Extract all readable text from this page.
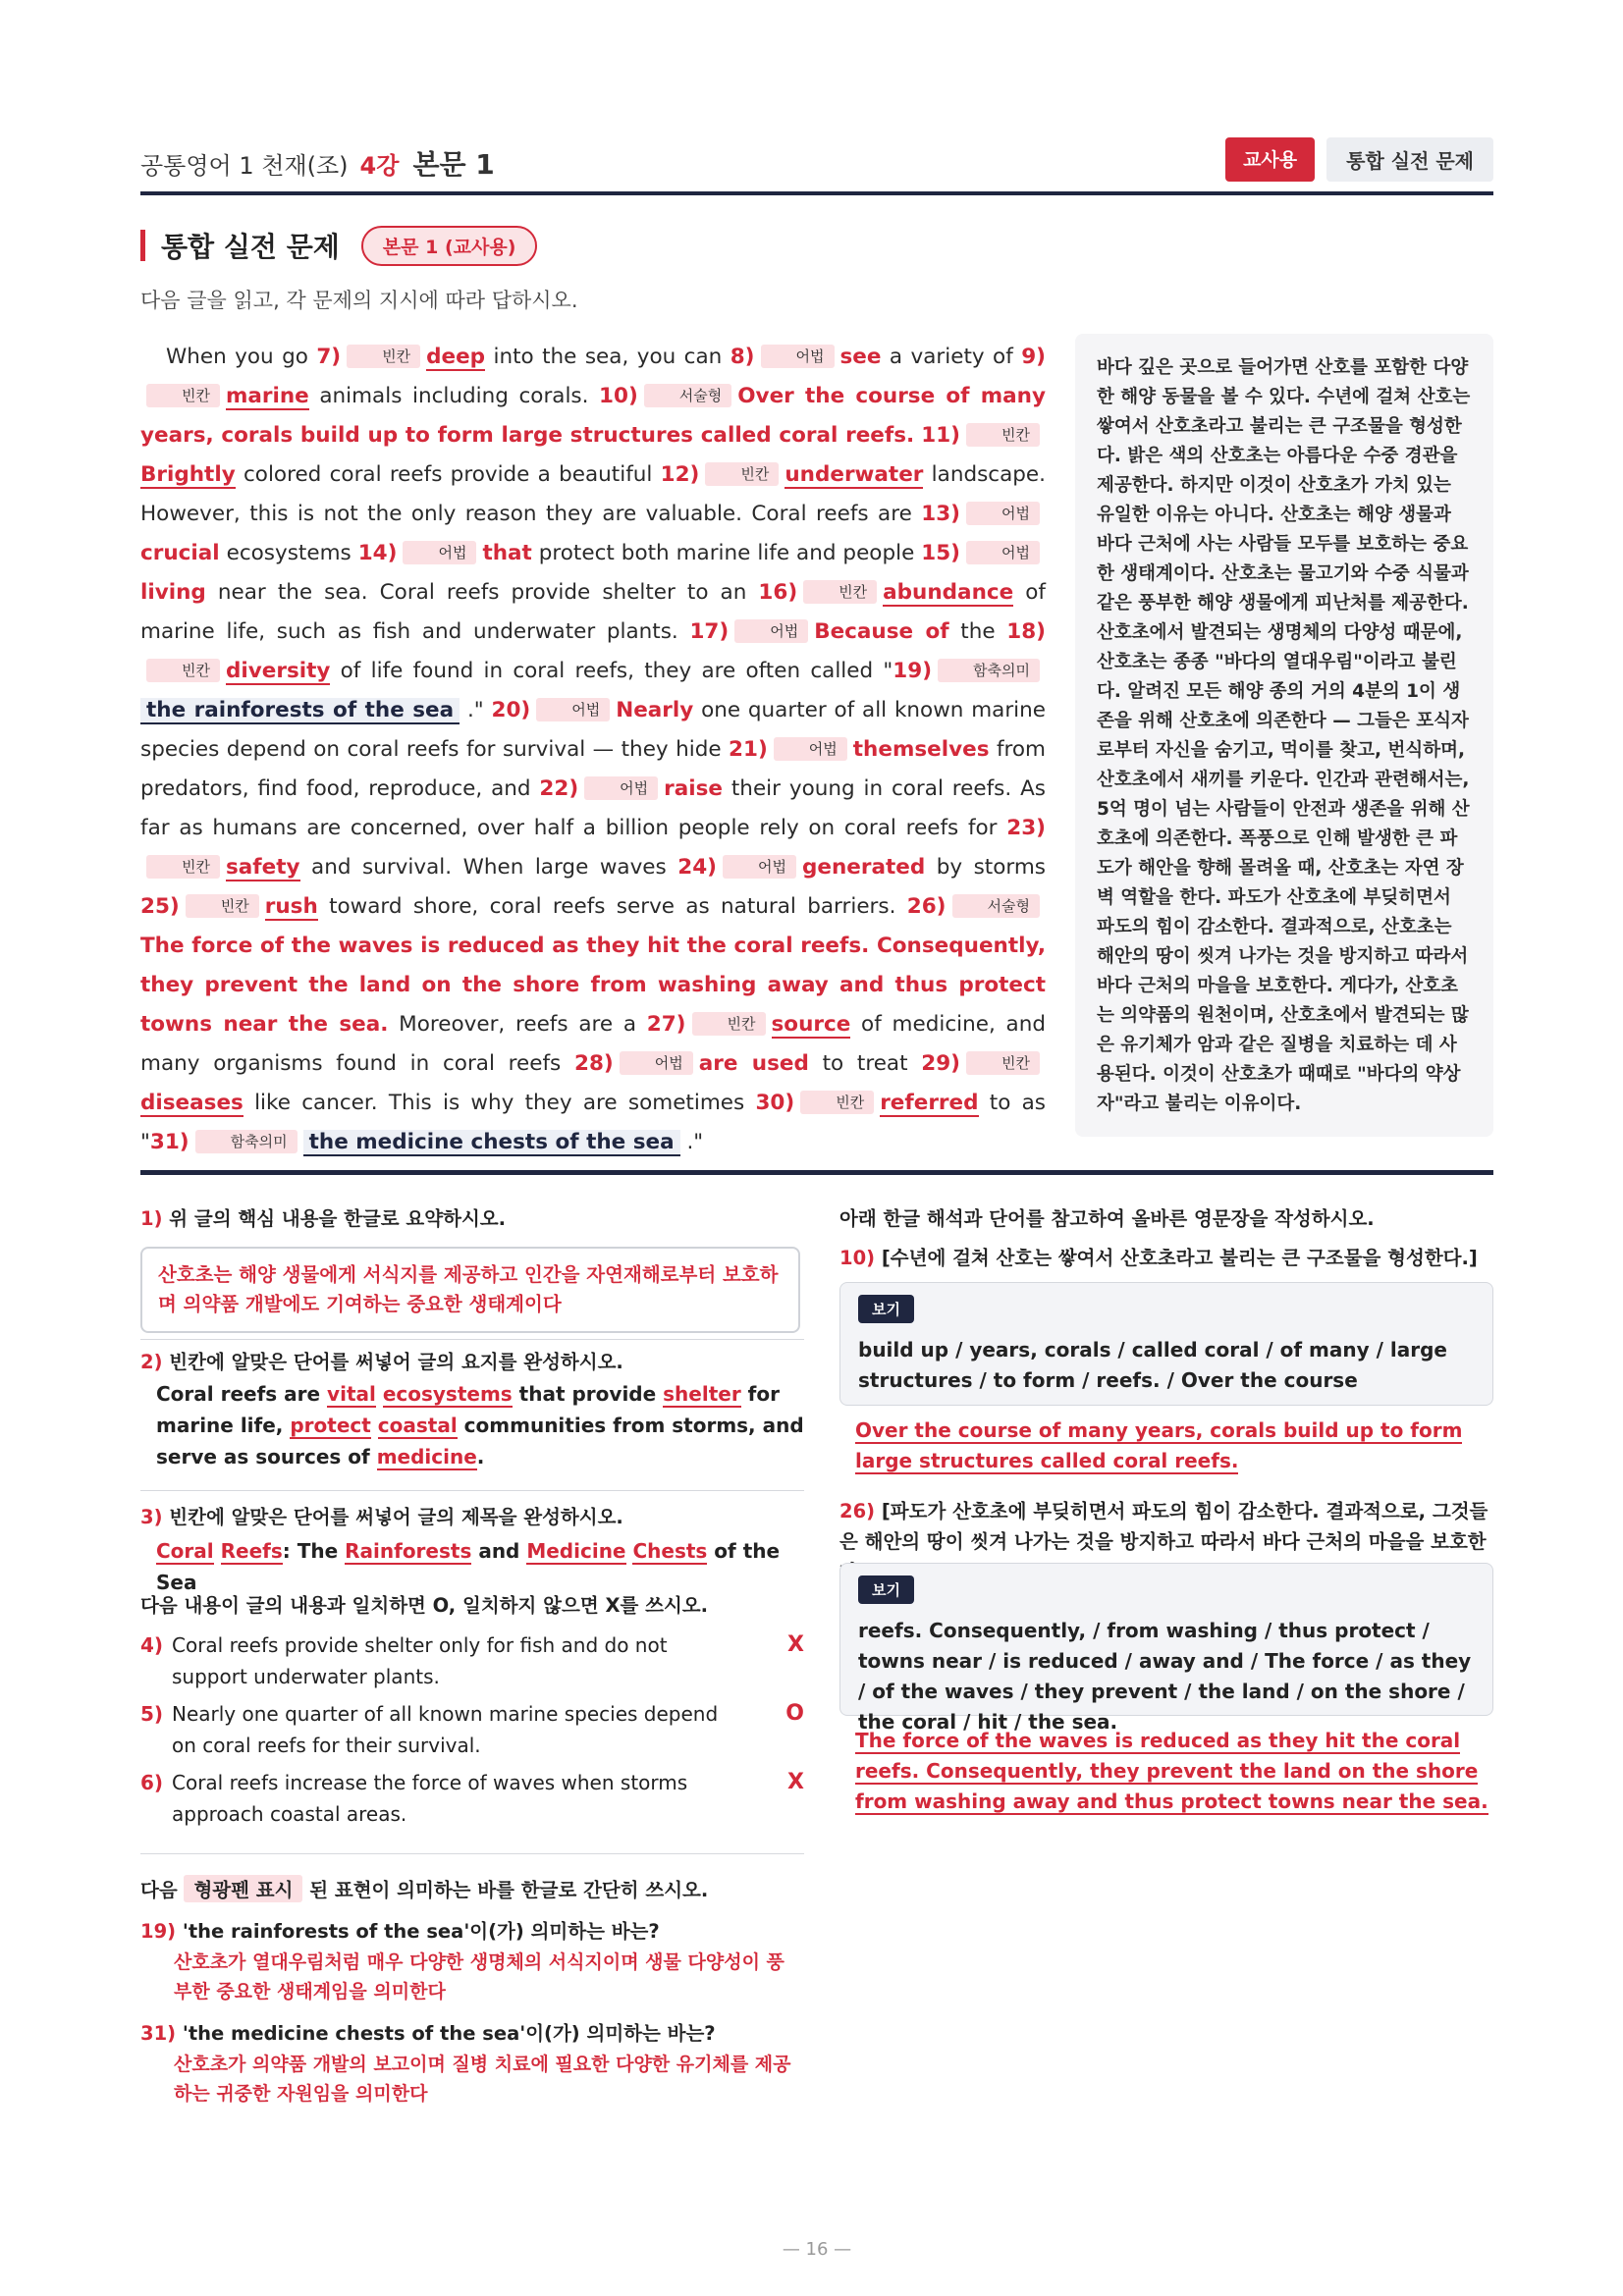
공통영어 1 천재(조) 4강 본문 1	교사용	통합 실전 문제
통합 실전 문제	본문 1 (교사용)
다음 글을 읽고, 각 문제의 지시에 따라 답하시오.

When you go 7)	빈칸 deep into the sea, you can 8)	어법 see a variety of 9)빈칸 marine animals including corals. 10)	서술형 Over the course of many years, corals build up to form large structures called coral reefs. 11)	빈칸Brightly colored coral reefs provide a beautiful 12)	빈칸 underwater landscape. However, this is not the only reason they are valuable. Coral reefs are 13)	어법crucial ecosystems 14)	어법 that protect both marine life and people 15)	어법living near the sea. Coral reefs provide shelter to an 16)	빈칸 abundance of marine life, such as fish and underwater plants. 17)	어법 Because of the 18)빈칸 diversity of life found in coral reefs, they are often called "19)	함축의미the rainforests of the sea ." 20)	어법 Nearly one quarter of all known marine species depend on coral reefs for survival — they hide 21)	어법 themselves from predators, find food, reproduce, and 22)	어법 raise their young in coral reefs. As far as humans are concerned, over half a billion people rely on coral reefs for 23)빈칸 safety and survival. When large waves 24)	어법 generated by storms 25)	빈칸 rush toward shore, coral reefs serve as natural barriers. 26)	서술형The force of the waves is reduced as they hit the coral reefs. Consequently, they prevent the land on the shore from washing away and thus protect towns near the sea. Moreover, reefs are a 27)	빈칸 source of medicine, and many organisms found in coral reefs 28)	어법 are used to treat 29)	빈칸diseases like cancer. This is why they are sometimes 30)	빈칸 referred to as "31)	함축의미 the medicine chests of the sea ."

바다 깊은 곳으로 들어가면 산호를 포함한 다양한 해양 동물을 볼 수 있다. 수년에 걸쳐 산호는 쌓여서 산호초라고 불리는 큰 구조물을 형성한다. 밝은 색의 산호초는 아름다운 수중 경관을 제공한다. 하지만 이것이 산호초가 가치 있는 유일한 이유는 아니다. 산호초는 해양 생물과 바다 근처에 사는 사람들 모두를 보호하는 중요한 생태계이다. 산호초는 물고기와 수중 식물과 같은 풍부한 해양 생물에게 피난처를 제공한다. 산호초에서 발견되는 생명체의 다양성 때문에, 산호초는 종종 "바다의 열대우림"이라고 불린다. 알려진 모든 해양 종의 거의 4분의 1이 생존을 위해 산호초에 의존한다 — 그들은 포식자로부터 자신을 숨기고, 먹이를 찾고, 번식하며, 산호초에서 새끼를 키운다. 인간과 관련해서는, 5억 명이 넘는 사람들이 안전과 생존을 위해 산호초에 의존한다. 폭풍으로 인해 발생한 큰 파도가 해안을 향해 몰려올 때, 산호초는 자연 장벽 역할을 한다. 파도가 산호초에 부딪히면서 파도의 힘이 감소한다. 결과적으로, 산호초는 해안의 땅이 씻겨 나가는 것을 방지하고 따라서 바다 근처의 마을을 보호한다. 게다가, 산호초는 의약품의 원천이며, 산호초에서 발견되는 많은 유기체가 암과 같은 질병을 치료하는 데 사용된다. 이것이 산호초가 때때로 "바다의 약상자"라고 불리는 이유이다.
1) 위 글의 핵심 내용을 한글로 요약하시오.
산호초는 해양 생물에게 서식지를 제공하고 인간을 자연재해로부터 보호하며 의약품 개발에도 기여하는 중요한 생태계이다
2) 빈칸에 알맞은 단어를 써넣어 글의 요지를 완성하시오.
Coral reefs are vital ecosystems that provide shelter for marine life, protect coastal communities from storms, and serve as sources of medicine.
3) 빈칸에 알맞은 단어를 써넣어 글의 제목을 완성하시오.
Coral Reefs: The Rainforests and Medicine Chests of the Sea
다음 내용이 글의 내용과 일치하면 O, 일치하지 않으면 X를 쓰시오.
4) Coral reefs provide shelter only for fish and do not support underwater plants.
X
5) Nearly one quarter of all known marine species depend on coral reefs for their survival.
O
6) Coral reefs increase the force of waves when storms approach coastal areas.
X
다음 형광펜 표시 된 표현이 의미하는 바를 한글로 간단히 쓰시오.
19) 'the rainforests of the sea'이(가) 의미하는 바는?
산호초가 열대우림처럼 매우 다양한 생명체의 서식지이며 생물 다양성이 풍부한 중요한 생태계임을 의미한다
31) 'the medicine chests of the sea'이(가) 의미하는 바는?
산호초가 의약품 개발의 보고이며 질병 치료에 필요한 다양한 유기체를 제공하는 귀중한 자원임을 의미한다
아래 한글 해석과 단어를 참고하여 올바른 영문장을 작성하시오.
10) [수년에 걸쳐 산호는 쌓여서 산호초라고 불리는 큰 구조물을 형성한다.]
보기
build up / years, corals / called coral / of many / large structures / to form / reefs. / Over the course
Over the course of many years, corals build up to form large structures called coral reefs.
26) [파도가 산호초에 부딪히면서 파도의 힘이 감소한다. 결과적으로, 그것들은 해안의 땅이 씻겨 나가는 것을 방지하고 따라서 바다 근처의 마을을 보호한
보기
reefs. Consequently, / from washing / thus protect / towns near / is reduced / away and / The force / as they / of the waves / they prevent / the land / on the shore / the coral / hit / the sea.
The force of the waves is reduced as they hit the coral reefs. Consequently, they prevent the land on the shore from washing away and thus protect towns near the sea.
— 16 —
